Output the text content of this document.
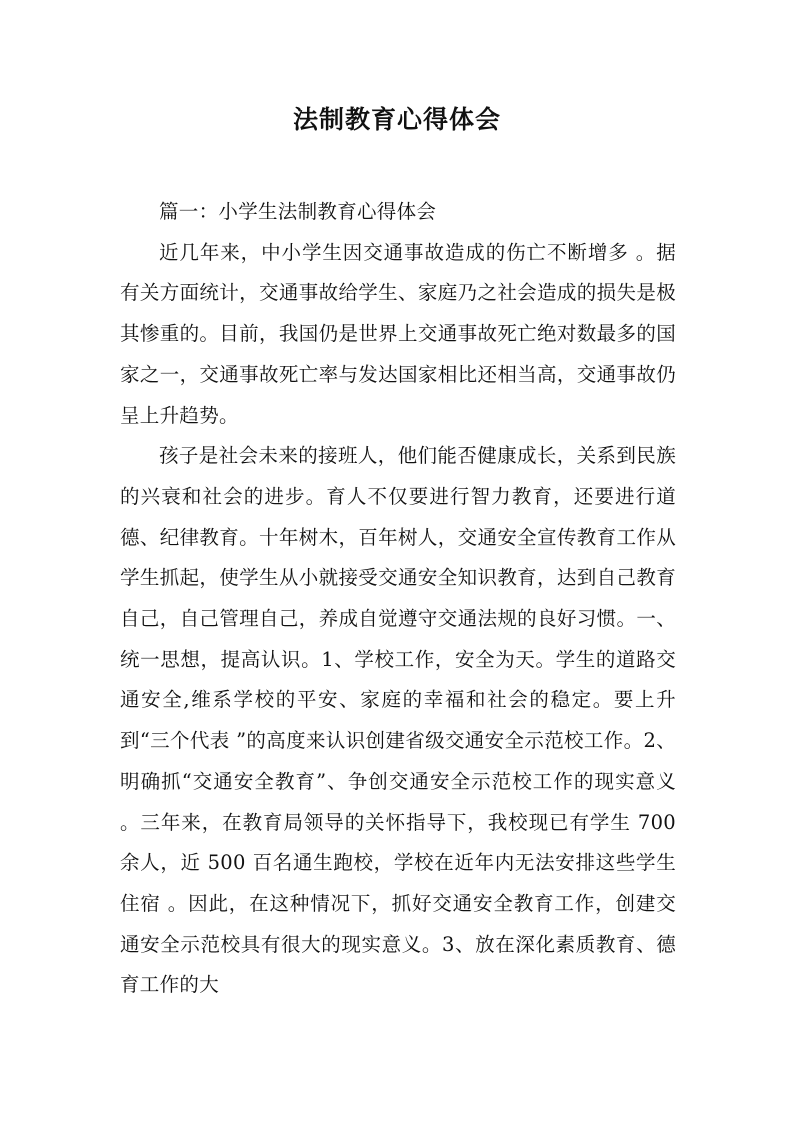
法制教育心得体会

篇一：小学生法制教育心得体会

近几年来，中小学生因交通事故造成的伤亡不断增多 。据有关方面统计，交通事故给学生、家庭乃之社会造成的损失是极其惨重的。目前，我国仍是世界上交通事故死亡绝对数最多的国家之一，交通事故死亡率与发达国家相比还相当高，交通事故仍呈上升趋势。

孩子是社会未来的接班人，他们能否健康成长，关系到民族的兴衰和社会的进步。育人不仅要进行智力教育，还要进行道德、纪律教育。十年树木，百年树人，交通安全宣传教育工作从学生抓起，使学生从小就接受交通安全知识教育，达到自己教育自己，自己管理自己，养成自觉遵守交通法规的良好习惯。一、统一思想，提高认识。1、学校工作，安全为天。学生的道路交通安全,维系学校的平安、家庭的幸福和社会的稳定。要上升到“三个代表 ”的高度来认识创建省级交通安全示范校工作。2、明确抓“交通安全教育”、争创交通安全示范校工作的现实意义 。三年来，在教育局领导的关怀指导下，我校现已有学生 700 余人，近 500 百名通生跑校，学校在近年内无法安排这些学生住宿 。因此，在这种情况下，抓好交通安全教育工作，创建交通安全示范校具有很大的现实意义。3、放在深化素质教育、德育工作的大
